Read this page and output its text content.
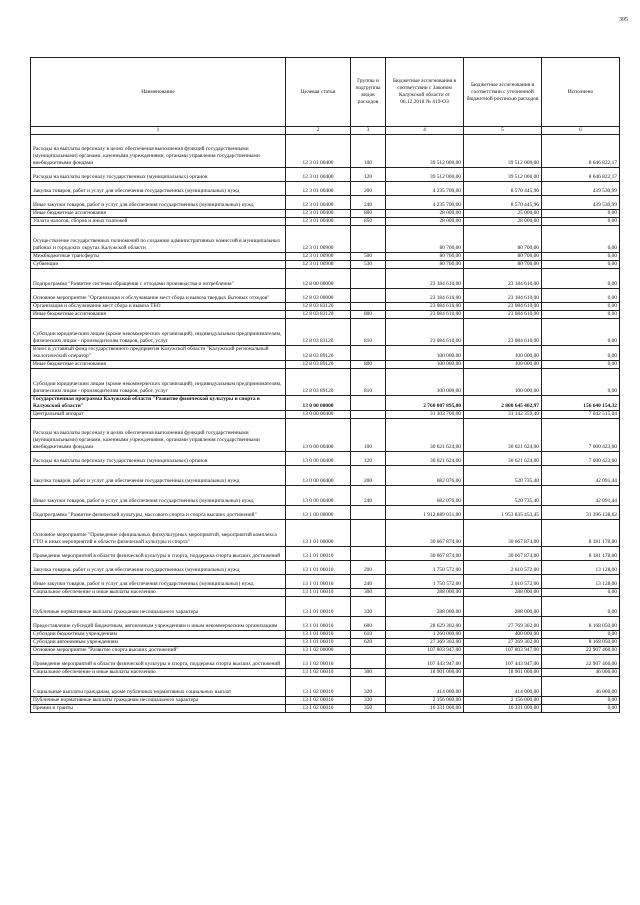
395
Наименование	Целевая статья	Группы и подгруппы видов расходов	Бюджетные ассигнования в соответствии с Законом Калужской области от 06.12.2018 № 419-ОЗ	Бюджетные ассигнования в соответствии с уточненной бюджетной росписью расходов	Исполнено
1	2	3	4	5	6
Расходы на выплаты персоналу в целях обеспечения выполнения функций государственными (муниципальными) органами, казенными учреждениями, органами управления государственными внебюджетными фондами	12 3 01 00400	100	39 512 000,00	39 512 000,00	8 646 822,17
Расходы на выплаты персоналу государственных (муниципальных) органов	12 3 01 00400	120	39 512 000,00	39 512 000,00	8 646 822,17
Закупка товаров, работ и услуг для обеспечения государственных (муниципальных) нужд	12 3 01 00400	200	4 235 700,00	8 570 445,96	439 530,99
Иные закупки товаров, работ и услуг для обеспечения государственных (муниципальных) нужд	12 3 01 00400	240	4 235 700,00	8 570 445,96	439 530,99
Иные бюджетные ассигнования	12 3 01 00400	800	28 000,00	25 000,00	0,00
Уплата налогов, сборов и иных платежей	12 3 01 00400	850	28 000,00	28 000,00	0,00
Осуществление государственных полномочий по созданию административных комиссий в муниципальных районах и городских округах Калужской области	12 3 01 00900		80 700,00	80 700,00	0,00
Межбюджетные трансферты	12 3 01 00900	500	80 700,00	80 700,00	0,00
Субвенции	12 3 01 00900	530	80 700,00	80 700,00	0,00
Подпрограмма "Развитие системы обращения с отходами производства и потребления"	12 8 00 00000		23 184 610,00	23 184 610,00	0,00
Основное мероприятие "Организация и обслуживание мест сбора и вывоза твердых бытовых отходов"	12 8 03 00000		23 184 610,00	23 184 610,00	0,00
Организация и обслуживание мест сбора и вывоза ТБО	12 8 03 83120		23 084 610,00	23 084 610,00	0,00
Иные бюджетные ассигнования	12 8 03 83120	800	23 084 610,00	23 084 610,00	0,00
Субсидии юридическим лицам (кроме некоммерческих организаций), индивидуальным предпринимателям, физическим лицам - производителям товаров, работ, услуг	12 8 03 83120	810	23 084 610,00	23 084 610,00	0,00
Взнос в уставный фонд государственного предприятия Калужской области "Калужский региональный экологический оператор"	12 8 03 89120		100 000,00	100 000,00	0,00
Иные бюджетные ассигнования	12 8 03 89120	800	100 000,00	100 000,00	0,00
Субсидии юридическим лицам (кроме некоммерческих организаций), индивидуальным предпринимателям, физическим лицам - производителям товаров, работ, услуг	12 8 03 89120	810	100 000,00	100 000,00	0,00
Государственная программа Калужской области "Развитие физической культуры и спорта в Калужской области"	13 0 00 00000		2 760 007 895,00	2 800 645 402,97	156 640 154,32
Центральный аппарат	13 0 00 00400		31 303 700,00	31 142 359,40	7 042 515,04
Расходы на выплаты персоналу в целях обеспечения выполнения функций государственными (муниципальными) органами, казенными учреждениями, органами управления государственными внебюджетными фондами	13 0 00 00400	100	30 621 624,00	30 621 624,00	7 000 423,60
Расходы на выплаты персоналу государственных (муниципальных) органов	13 0 00 00400	120	30 621 624,00	30 621 624,00	7 000 423,60
Закупка товаров, работ и услуг для обеспечения государственных (муниципальных) нужд	13 0 00 00400	200	682 076,00	520 735,40	42 091,44
Иные закупки товаров, работ и услуг для обеспечения государственных (муниципальных) нужд	13 0 00 00400	240	682 076,00	520 735,40	42 091,44
Подпрограмма "Развитие физической культуры, массового спорта и спорта высших достижений"	13 1 00 00000		1 912 889 031,00	1 953 835 453,45	31 396 138,62
Основное мероприятие "Проведение официальных физкультурных мероприятий, мероприятий комплекса ГТО и иных мероприятий в области физической культуры и спорта"	13 1 01 00000		30 667 874,00	30 667 874,00	8 181 178,00
Проведение мероприятий в области физической культуры и спорта, поддержка спорта высших достижений	13 1 01 06010		30 667 874,00	30 667 874,00	8 181 178,00
Закупка товаров, работ и услуг для обеспечения государственных (муниципальных) нужд	13 1 01 06010	200	1 750 572,00	2 610 572,00	13 128,00
Иные закупки товаров, работ и услуг для обеспечения государственных (муниципальных) нужд	13 1 01 06010	240	1 750 572,00	2 610 572,00	13 128,00
Социальное обеспечение и иные выплаты населению	13 1 01 06010	300	288 000,00	288 000,00	0,00
Публичные нормативные выплаты гражданам несоциального характера	13 1 01 06010	330	288 000,00	288 000,00	0,00
Предоставление субсидий бюджетным, автономным учреждениям и иным некоммерческим организациям	13 1 01 06010	600	28 629 302,00	27 769 302,00	8 168 050,00
Субсидии бюджетным учреждениям	13 1 01 06010	610	1 260 000,00	400 000,00	0,00
Субсидии автономным учреждениям	13 1 01 06010	620	27 369 302,00	27 369 302,00	8 168 050,00
Основное мероприятие "Развитие спорта высших достижений"	13 1 02 00000		107 803 947,00	107 803 947,00	22 907 460,00
Проведение мероприятий в области физической культуры и спорта, поддержка спорта высших достижений	13 1 02 06010		107 443 947,00	107 443 947,00	22 907 460,00
Социальное обеспечение и иные выплаты населению	13 1 02 06010	300	18 901 000,00	18 901 000,00	46 000,00
Социальные выплаты гражданам, кроме публичных нормативных социальных выплат	13 1 02 06010	320	414 000,00	414 000,00	46 000,00
Публичные нормативные выплаты гражданам несоциального характера	13 1 02 06010	330	2 156 000,00	2 156 000,00	0,00
Премии и гранты	13 1 02 06010	350	16 331 000,00	16 331 000,00	0,00
